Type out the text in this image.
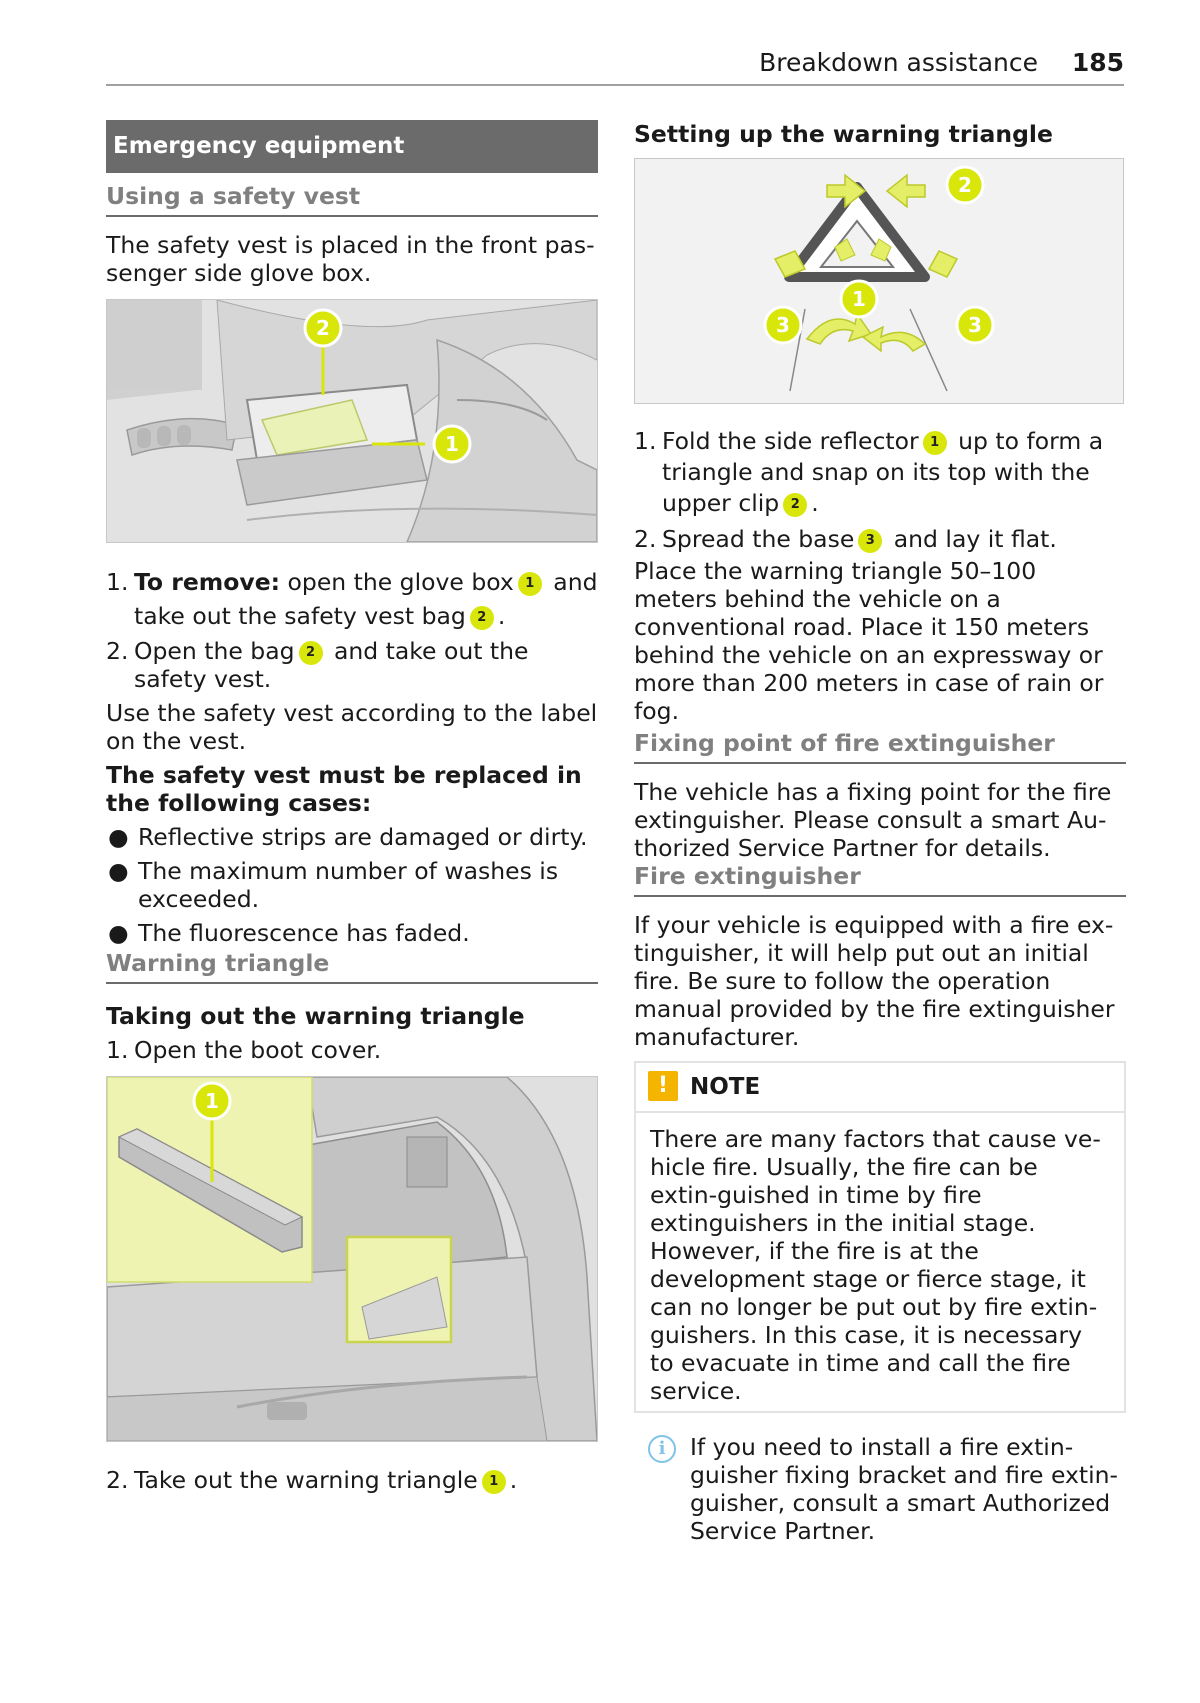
Breakdown assistance 185
Emergency equipment
Using a safety vest

The safety vest is placed in the front pas-senger side glove box.

2
1
1. To remove: open the glove box 1 and take out the safety vest bag 2 .
2. Open the bag 2 and take out the safety vest.

Use the safety vest according to the label on the vest.

The safety vest must be replaced in the following cases:
● Reflective strips are damaged or dirty.
● The maximum number of washes is exceeded.
● The fluorescence has faded.
Warning triangle
Taking out the warning triangle
1. Open the boot cover.
1
2. Take out the warning triangle 1 .
Setting up the warning triangle
2
1
3	3
1. Fold the side reflector 1 up to form a triangle and snap on its top with the upper clip 2 .
2. Spread the base 3 and lay it flat.

Place the warning triangle 50–100 meters behind the vehicle on a conventional road. Place it 150 meters behind the vehicle on an expressway or more than 200 meters in case of rain or fog.

Fixing point of fire extinguisher

The vehicle has a fixing point for the fire extinguisher. Please consult a smart Au-thorized Service Partner for details.

Fire extinguisher

If your vehicle is equipped with a fire ex-tinguisher, it will help put out an initial fire. Be sure to follow the operation manual provided by the fire extinguisher manufacturer.

! NOTE

There are many factors that cause ve-hicle fire. Usually, the fire can be extin-guished in time by fire extinguishers in the initial stage. However, if the fire is at the development stage or fierce stage, it can no longer be put out by fire extin-guishers. In this case, it is necessary to evacuate in time and call the fire service.

i	If you need to install a fire extin-guisher fixing bracket and fire extin-guisher, consult a smart Authorized Service Partner.
